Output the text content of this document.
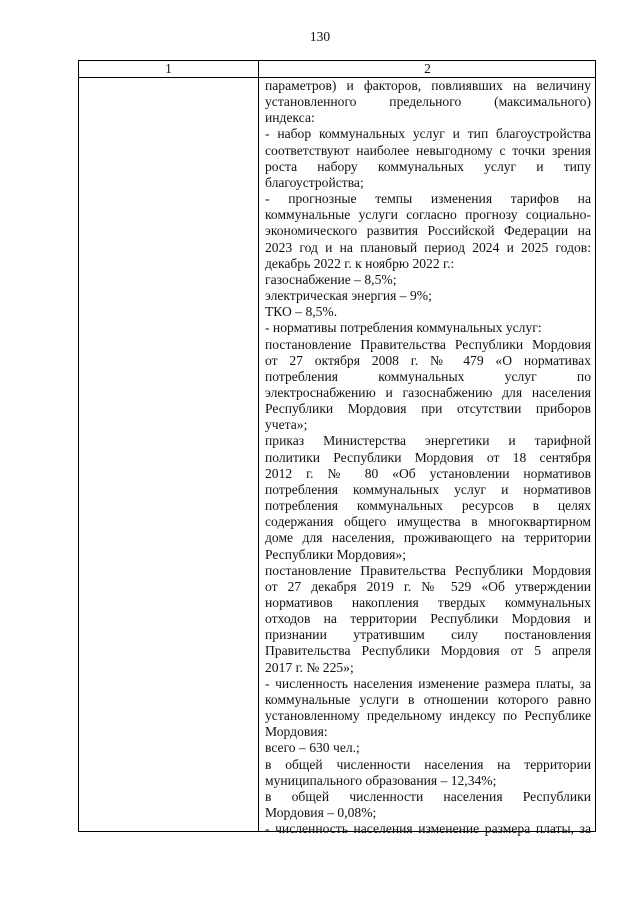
130
1	2

параметров) и факторов, повлиявших на величину

установленного предельного (максимального)

индекса:

- набор коммунальных услуг и тип благоустройства

соответствуют наиболее невыгодному с точки зрения

роста набору коммунальных услуг и типу

благоустройства;

- прогнозные темпы изменения тарифов на

коммунальные услуги согласно прогнозу социально-

экономического развития Российской Федерации на

2023 год и на плановый период 2024 и 2025 годов:

декабрь 2022 г. к ноябрю 2022 г.:

газоснабжение – 8,5%;

электрическая энергия – 9%;

ТКО – 8,5%.

- нормативы потребления коммунальных услуг:

постановление Правительства Республики Мордовия

от 27 октября 2008 г. № 479 «О нормативах

потребления коммунальных услуг по

электроснабжению и газоснабжению для населения

Республики Мордовия при отсутствии приборов

учета»;

приказ Министерства энергетики и тарифной

политики Республики Мордовия от 18 сентября

2012 г. № 80 «Об установлении нормативов

потребления коммунальных услуг и нормативов

потребления коммунальных ресурсов в целях

содержания общего имущества в многоквартирном

доме для населения, проживающего на территории

Республики Мордовия»;

постановление Правительства Республики Мордовия

от 27 декабря 2019 г. № 529 «Об утверждении

нормативов накопления твердых коммунальных

отходов на территории Республики Мордовия и

признании утратившим силу постановления

Правительства Республики Мордовия от 5 апреля

2017 г. № 225»;

- численность населения изменение размера платы, за

коммунальные услуги в отношении которого равно

установленному предельному индексу по Республике

Мордовия:

всего – 630 чел.;

в общей численности населения на территории

муниципального образования – 12,34%;

в общей численности населения Республики

Мордовия – 0,08%;

- численность населения изменение размера платы, за
